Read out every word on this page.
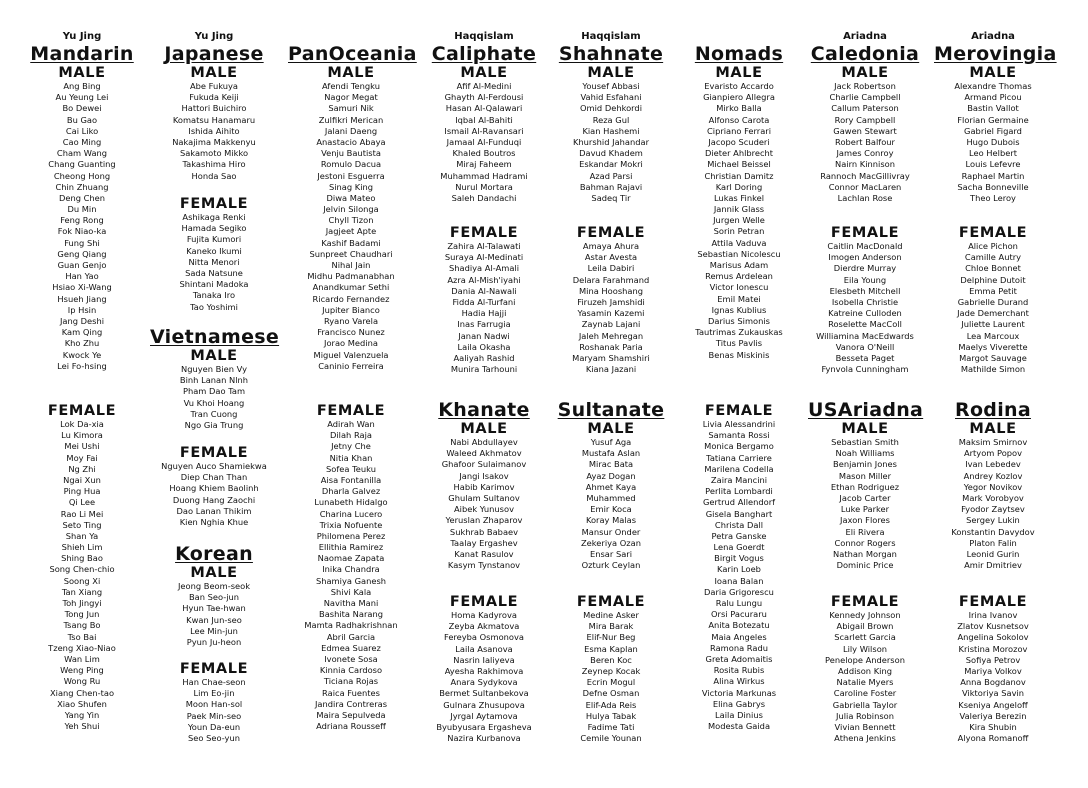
Yu Jing
Mandarin
MALE
Ang Bing
Au Yeung Lei
Bo Dewei
Bu Gao
Cai Liko
Cao Ming
Cham Wang
Chang Guanting
Cheong Hong
Chin Zhuang
Deng Chen
Du Min
Feng Rong
Fok Niao-ka
Fung Shi
Geng Qiang
Guan Genjo
Han Yao
Hsiao Xi-Wang
Hsueh Jiang
Ip Hsin
Jang Deshi
Kam Qing
Kho Zhu
Kwock Ye
Lei Fo-hsing
FEMALE
Lok Da-xia
Lu Kimora
Mei Ushi
Moy Fai
Ng Zhi
Ngai Xun
Ping Hua
Qi Lee
Rao Li Mei
Seto Ting
Shan Ya
Shieh Lim
Shing Bao
Song Chen-chio
Soong Xi
Tan Xiang
Toh Jingyi
Tong Jun
Tsang Bo
Tso Bai
Tzeng Xiao-Niao
Wan Lim
Weng Ping
Wong Ru
Xiang Chen-tao
Xiao Shufen
Yang Yin
Yeh Shui
Yu Jing
Japanese
MALE
Abe Fukuya
Fukuda Keiji
Hattori Buichiro
Komatsu Hanamaru
Ishida Aihito
Nakajima Makkenyu
Sakamoto Mikko
Takashima Hiro
Honda Sao
FEMALE
Ashikaga Renki
Hamada Segiko
Fujita Kumori
Kaneko Ikumi
Nitta Menori
Sada Natsune
Shintani Madoka
Tanaka Iro
Tao Yoshimi
Vietnamese
MALE
Nguyen Bien Vy
Binh Lanan Nlnh
Pham Dao Tam
Vu Khoi Hoang
Tran Cuong
Ngo Gia Trung
FEMALE
Nguyen Auco Shamiekwa
Diep Chan Than
Hoang Khiem Baolinh
Duong Hang Zaochi
Dao Lanan Thikim
Kien Nghia Khue
Korean
MALE
Jeong Beom-seok
Ban Seo-jun
Hyun Tae-hwan
Kwan Jun-seo
Lee Min-jun
Pyun Ju-heon
FEMALE
Han Chae-seon
Lim Eo-jin
Moon Han-sol
Paek Min-seo
Youn Da-eun
Seo Seo-yun
PanOceania
MALE
Afendi Tengku
Nagor Megat
Samuri Nik
Zulfikri Merican
Jalani Daeng
Anastacio Abaya
Venju Bautista
Romulo Dacua
Jestoni Esguerra
Sinag King
Diwa Mateo
Jelvin Silonga
Chyll Tizon
Jagjeet Apte
Kashif Badami
Sunpreet Chaudhari
Nihal Jain
Midhu Padmanabhan
Anandkumar Sethi
Ricardo Fernandez
Jupiter Bianco
Ryano Varela
Francisco Nunez
Jorao Medina
Miguel Valenzuela
Caninio Ferreira
FEMALE
Adirah Wan
Dilah Raja
Jetny Che
Nitia Khan
Sofea Teuku
Aisa Fontanilla
Dharla Galvez
Lunabeth Hidalgo
Charina Lucero
Trixia Nofuente
Philomena Perez
Ellithia Ramirez
Naomae Zapata
Inika Chandra
Shamiya Ganesh
Shivi Kala
Navitha Mani
Bashita Narang
Mamta Radhakrishnan
Abril Garcia
Edmea Suarez
Ivonete Sosa
Kinnia Cardoso
Ticiana Rojas
Raica Fuentes
Jandira Contreras
Maira Sepulveda
Adriana Rousseff
Haqqislam
Caliphate
MALE
Afif Al-Medini
Ghayth Al-Ferdousi
Hasan Al-Qalawari
Iqbal Al-Bahiti
Ismail Al-Ravansari
Jamaal Al-Funduqi
Khaled Boutros
Miraj Faheem
Muhammad Hadrami
Nurul Mortara
Saleh Dandachi
FEMALE
Zahira Al-Talawati
Suraya Al-Medinati
Shadiya Al-Amali
Azra Al-Mish'iyahi
Dania Al-Nawali
Fidda Al-Turfani
Hadia Hajji
Inas Farrugia
Janan Nadwi
Laila Okasha
Aaliyah Rashid
Munira Tarhouni
Haqqislam
Shahnate
MALE
Yousef Abbasi
Vahid Esfahani
Omid Dehkordi
Reza Gul
Kian Hashemi
Khurshid Jahandar
Davud Khadem
Eskandar Mokri
Azad Parsi
Bahman Rajavi
Sadeq Tir
FEMALE
Amaya Ahura
Astar Avesta
Leila Dabiri
Delara Farahmand
Mina Hooshang
Firuzeh Jamshidi
Yasamin Kazemi
Zaynab Lajani
Jaleh Mehregan
Roshanak Paria
Maryam Shamshiri
Kiana Jazani
Khanate
MALE
Nabi Abdullayev
Waleed Akhmatov
Ghafoor Sulaimanov
Jangi Isakov
Habib Karimov
Ghulam Sultanov
Aibek Yunusov
Yeruslan Zhaparov
Sukhrab Babaev
Taalay Ergashev
Kanat Rasulov
Kasym Tynstanov
FEMALE
Homa Kadyrova
Zeyba Akmatova
Fereyba Osmonova
Laila Asanova
Nasrin Ialiyeva
Ayesha Rakhimova
Anara Sydykova
Bermet Sultanbekova
Gulnara Zhusupova
Jyrgal Aytamova
Byubyusara Ergasheva
Nazira Kurbanova
Sultanate
MALE
Yusuf Aga
Mustafa Aslan
Mirac Bata
Ayaz Dogan
Ahmet Kaya
Muhammed
Emir Koca
Koray Malas
Mansur Onder
Zekeriya Ozan
Ensar Sari
Ozturk Ceylan
FEMALE
Medine Asker
Mira Barak
Elif-Nur Beg
Esma Kaplan
Beren Koc
Zeynep Kocak
Ecrin Mogul
Defne Osman
Elif-Ada Reis
Hulya Tabak
Fadime Tati
Cemile Younan
Nomads
MALE
Evaristo Accardo
Gianpiero Allegra
Mirko Balla
Alfonso Carota
Cipriano Ferrari
Jacopo Scuderi
Dieter Ahlbrecht
Michael Beissel
Christian Damitz
Karl Doring
Lukas Finkel
Jannik Glass
Jurgen Welle
Sorin Petran
Attila Vaduva
Sebastian Nicolescu
Marisus Adam
Remus Ardelean
Victor Ionescu
Emil Matei
Ignas Kublius
Darius Simonis
Tautrimas Zukauskas
Titus Pavlis
Benas Miskinis
FEMALE
Livia Alessandrini
Samanta Rossi
Monica Bergamo
Tatiana Carriere
Marilena Codella
Zaira Mancini
Perlita Lombardi
Gertrud Allendorf
Gisela Banghart
Christa Dall
Petra Ganske
Lena Goerdt
Birgit Vogus
Karin Loeb
Ioana Balan
Daria Grigorescu
Ralu Lungu
Orsi Pacuraru
Anita Botezatu
Maia Angeles
Ramona Radu
Greta Adomaitis
Rosita Rubis
Alina Wirkus
Victoria Markunas
Elina Gabrys
Laila Dinius
Modesta Gaida
Ariadna
Caledonia
MALE
Jack Robertson
Charlie Campbell
Callum Paterson
Rory Campbell
Gawen Stewart
Robert Balfour
James Conroy
Nairn Kinnison
Rannoch MacGillivray
Connor MacLaren
Lachlan Rose
FEMALE
Caitlin MacDonald
Imogen Anderson
Dierdre Murray
Eila Young
Elesbeth Mitchell
Isobella Christie
Katreine Culloden
Roselette MacColl
Williamina MacEdwards
Vanora O'Neill
Besseta Paget
Fynvola Cunningham
USAriadna
MALE
Sebastian Smith
Noah Williams
Benjamin Jones
Mason Miller
Ethan Rodriguez
Jacob Carter
Luke Parker
Jaxon Flores
Eli Rivera
Connor Rogers
Nathan Morgan
Dominic Price
FEMALE
Kennedy Johnson
Abigail Brown
Scarlett Garcia
Lily Wilson
Penelope Anderson
Addison King
Natalie Myers
Caroline Foster
Gabriella Taylor
Julia Robinson
Vivian Bennett
Athena Jenkins
Ariadna
Merovingia
MALE
Alexandre Thomas
Armand Picou
Bastin Vallot
Florian Germaine
Gabriel Figard
Hugo Dubois
Leo Helbert
Louis Lefevre
Raphael Martin
Sacha Bonneville
Theo Leroy
FEMALE
Alice Pichon
Camille Autry
Chloe Bonnet
Delphine Dutoit
Emma Petit
Gabrielle Durand
Jade Demerchant
Juliette Laurent
Lea Marcoux
Maelys Viverette
Margot Sauvage
Mathilde Simon
Rodina
MALE
Maksim Smirnov
Artyom Popov
Ivan Lebedev
Andrey Kozlov
Yegor Novikov
Mark Vorobyov
Fyodor Zaytsev
Sergey Lukin
Konstantin Davydov
Platon Falin
Leonid Gurin
Amir Dmitriev
FEMALE
Irina Ivanov
Zlatov Kusnetsov
Angelina Sokolov
Kristina Morozov
Sofiya Petrov
Mariya Volkov
Anna Bogdanov
Viktoriya Savin
Kseniya Angeloff
Valeriya Berezin
Kira Shubin
Alyona Romanoff
